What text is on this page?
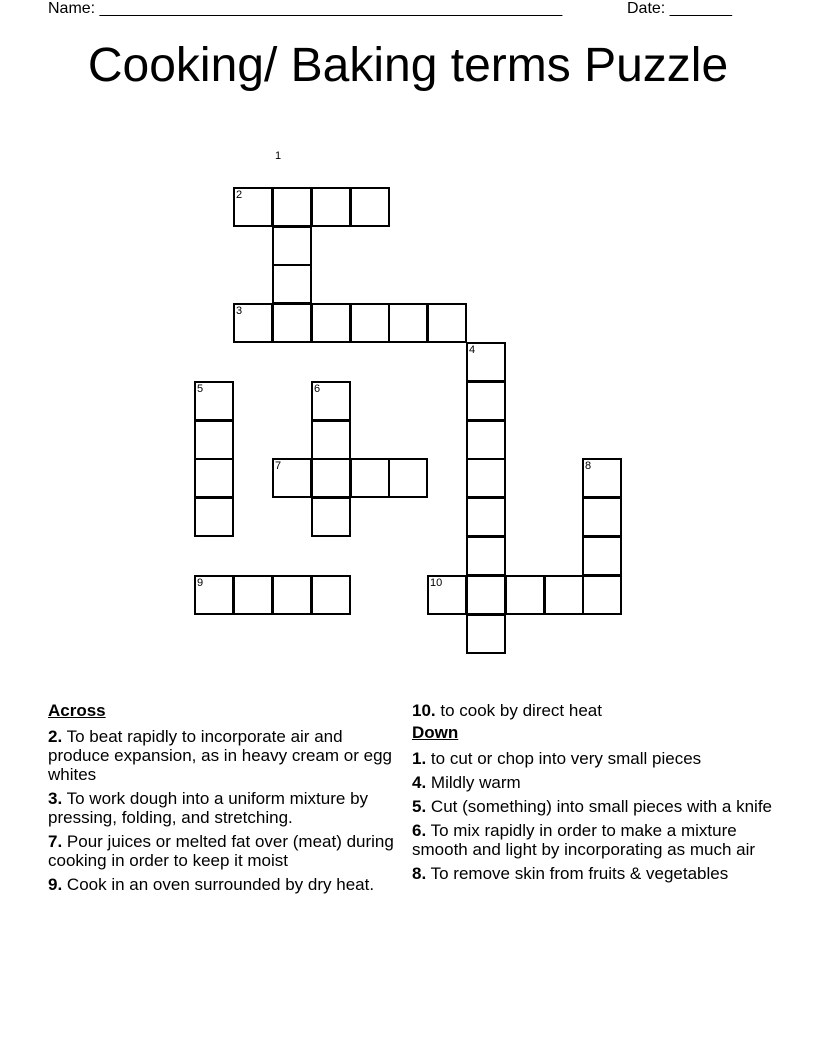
Name: ____________________________________________________	Date: _______
Cooking/ Baking terms Puzzle
1
2
3
4
5	6
7	8
9	10
Across
2. To beat rapidly to incorporate air and produce expansion, as in heavy cream or egg whites
3. To work dough into a uniform mixture by pressing, folding, and stretching.
7. Pour juices or melted fat over (meat) during cooking in order to keep it moist
9. Cook in an oven surrounded by dry heat.
10. to cook by direct heat
Down
1. to cut or chop into very small pieces
4. Mildly warm
5. Cut (something) into small pieces with a knife
6. To mix rapidly in order to make a mixture smooth and light by incorporating as much air
8. To remove skin from fruits & vegetables
